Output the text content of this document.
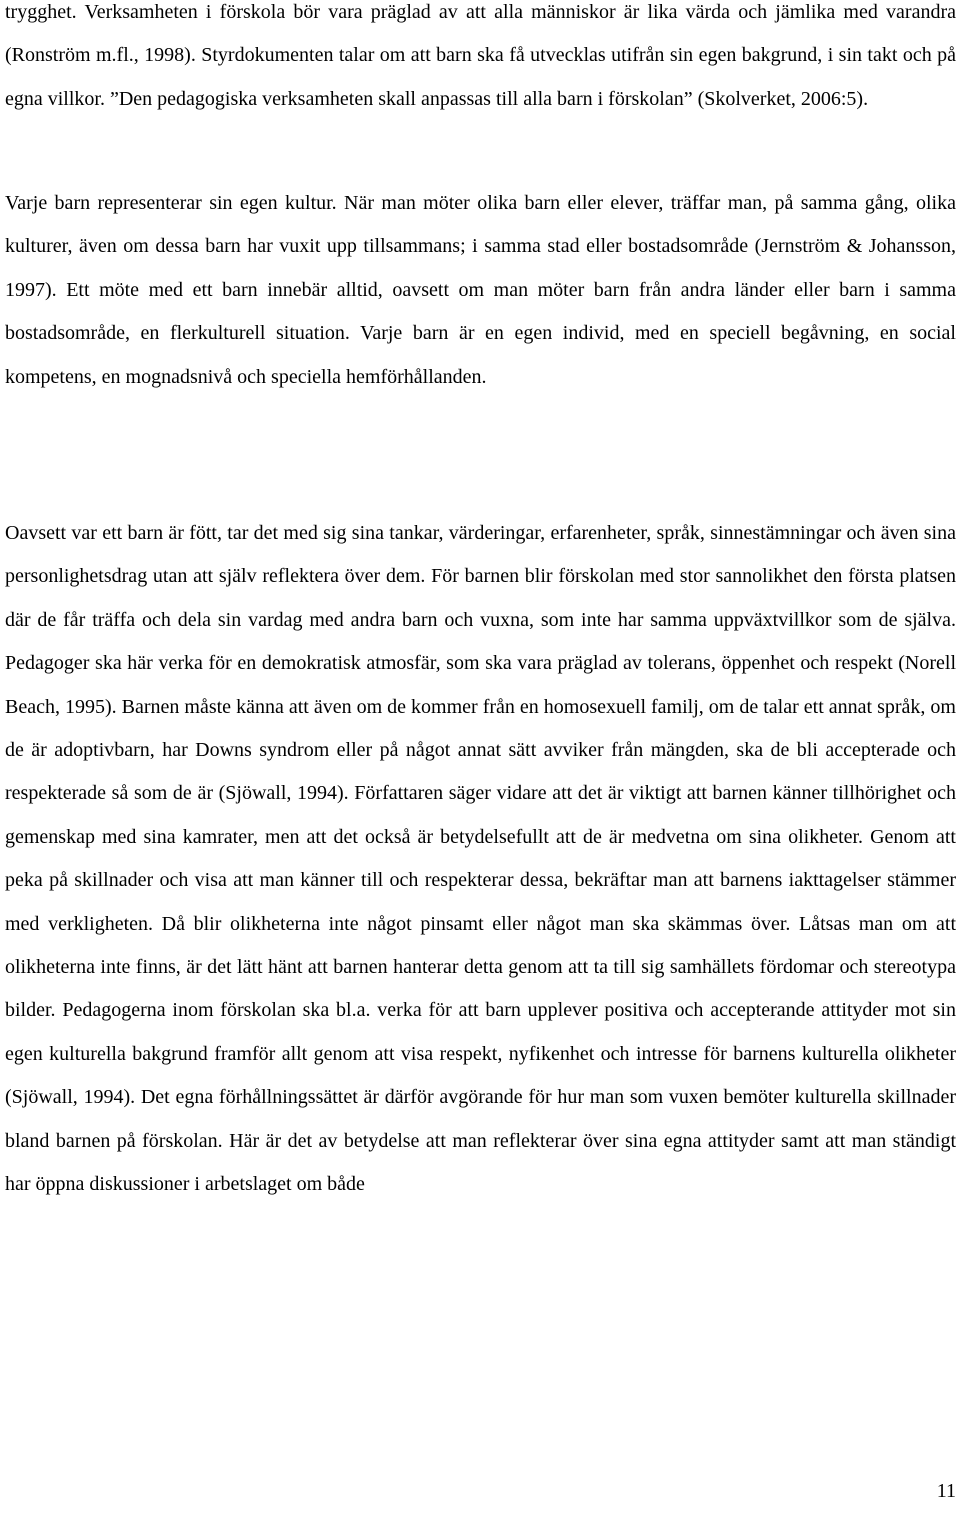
trygghet. Verksamheten i förskola bör vara präglad av att alla människor är lika värda och jämlika med varandra (Ronström m.fl., 1998). Styrdokumenten talar om att barn ska få utvecklas utifrån sin egen bakgrund, i sin takt och på egna villkor. ”Den pedagogiska verksamheten skall anpassas till alla barn i förskolan” (Skolverket, 2006:5).

Varje barn representerar sin egen kultur. När man möter olika barn eller elever, träffar man, på samma gång, olika kulturer, även om dessa barn har vuxit upp tillsammans; i samma stad eller bostadsområde (Jernström & Johansson, 1997). Ett möte med ett barn innebär alltid, oavsett om man möter barn från andra länder eller barn i samma bostadsområde, en flerkulturell situation. Varje barn är en egen individ, med en speciell begåvning, en social kompetens, en mognadsnivå och speciella hemförhållanden.

Oavsett var ett barn är fött, tar det med sig sina tankar, värderingar, erfarenheter, språk, sinnestämningar och även sina personlighetsdrag utan att själv reflektera över dem. För barnen blir förskolan med stor sannolikhet den första platsen där de får träffa och dela sin vardag med andra barn och vuxna, som inte har samma uppväxtvillkor som de själva. Pedagoger ska här verka för en demokratisk atmosfär, som ska vara präglad av tolerans, öppenhet och respekt (Norell Beach, 1995). Barnen måste känna att även om de kommer från en homosexuell familj, om de talar ett annat språk, om de är adoptivbarn, har Downs syndrom eller på något annat sätt avviker från mängden, ska de bli accepterade och respekterade så som de är (Sjöwall, 1994). Författaren säger vidare att det är viktigt att barnen känner tillhörighet och gemenskap med sina kamrater, men att det också är betydelsefullt att de är medvetna om sina olikheter. Genom att peka på skillnader och visa att man känner till och respekterar dessa, bekräftar man att barnens iakttagelser stämmer med verkligheten. Då blir olikheterna inte något pinsamt eller något man ska skämmas över. Låtsas man om att olikheterna inte finns, är det lätt hänt att barnen hanterar detta genom att ta till sig samhällets fördomar och stereotypa bilder. Pedagogerna inom förskolan ska bl.a. verka för att barn upplever positiva och accepterande attityder mot sin egen kulturella bakgrund framför allt genom att visa respekt, nyfikenhet och intresse för barnens kulturella olikheter (Sjöwall, 1994). Det egna förhållningssättet är därför avgörande för hur man som vuxen bemöter kulturella skillnader bland barnen på förskolan. Här är det av betydelse att man reflekterar över sina egna attityder samt att man ständigt har öppna diskussioner i arbetslaget om både

11
